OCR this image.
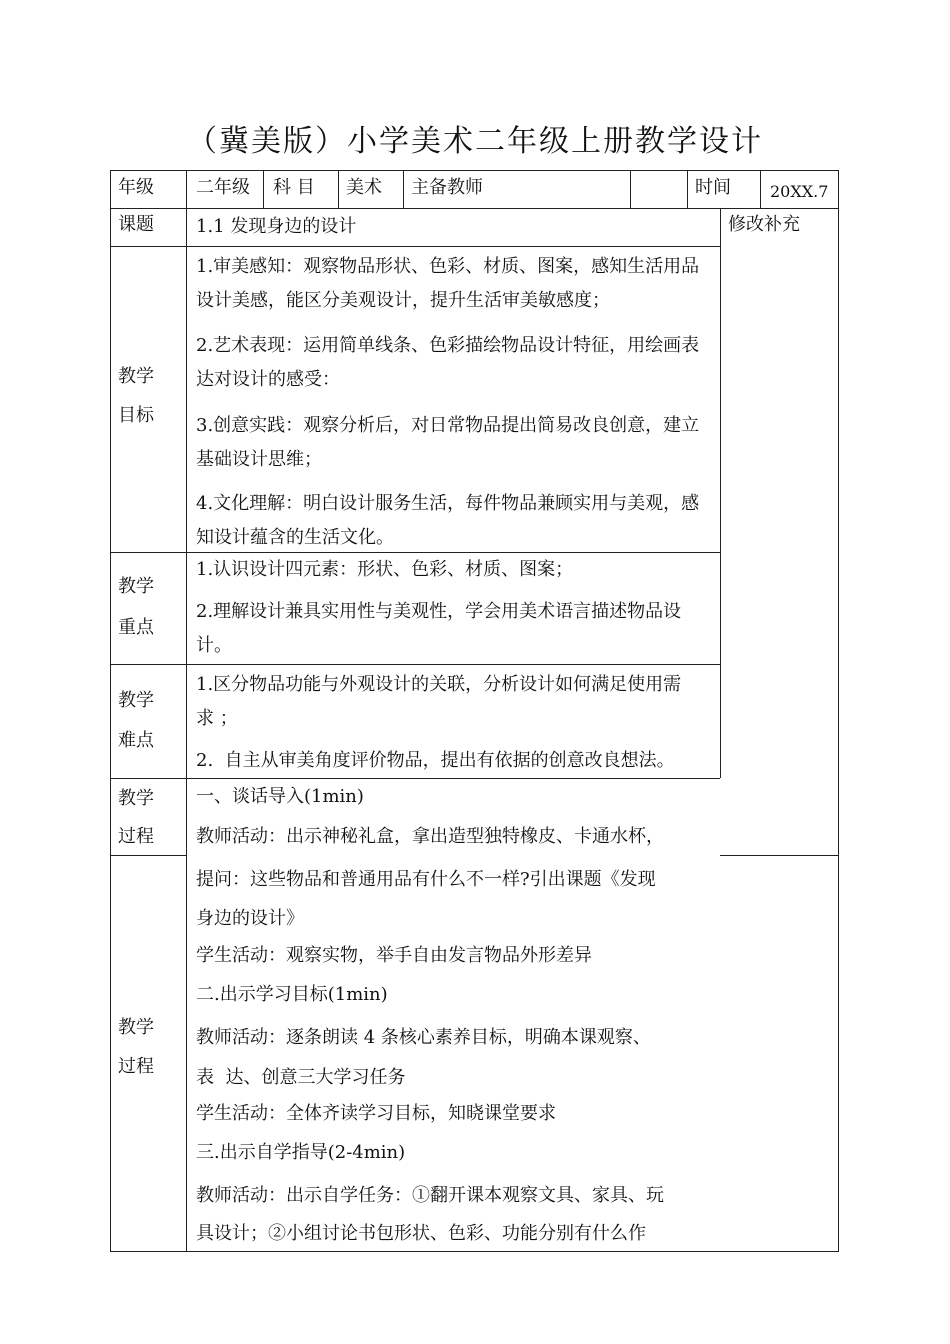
（冀美版）小学美术二年级上册教学设计
年级 二年级 科 目 美术 主备教师	时间 20XX.7
课题 1.1 发现身边的设计	修改补充
教学
目标
1.审美感知：观察物品形状、色彩、材质、图案，感知生活用品设计美感，能区分美观设计，提升生活审美敏感度；
2.艺术表现：运用简单线条、色彩描绘物品设计特征，用绘画表达对设计的感受：
3.创意实践：观察分析后，对日常物品提出简易改良创意，建立基础设计思维；
4.文化理解：明白设计服务生活，每件物品兼顾实用与美观，感知设计蕴含的生活文化。
教学
重点
1.认识设计四元素：形状、色彩、材质、图案；
2.理解设计兼具实用性与美观性，学会用美术语言描述物品设计。
教学
难点
1.区分物品功能与外观设计的关联，分析设计如何满足使用需 求 ；
2.  自主从审美角度评价物品，提出有依据的创意改良想法。
教学
过程
教学
过程
一、谈话导入(1min)
教师活动：出示神秘礼盒，拿出造型独特橡皮、卡通水杯，
提问：这些物品和普通用品有什么不一样?引出课题《发现
身边的设计》
学生活动：观察实物，举手自由发言物品外形差异
二.出示学习目标(1min)
教师活动：逐条朗读 4 条核心素养目标，明确本课观察、
表  达、创意三大学习任务
学生活动：全体齐读学习目标，知晓课堂要求
三.出示自学指导(2-4min)
教师活动：出示自学任务：①翻开课本观察文具、家具、玩
具设计；②小组讨论书包形状、色彩、功能分别有什么作
